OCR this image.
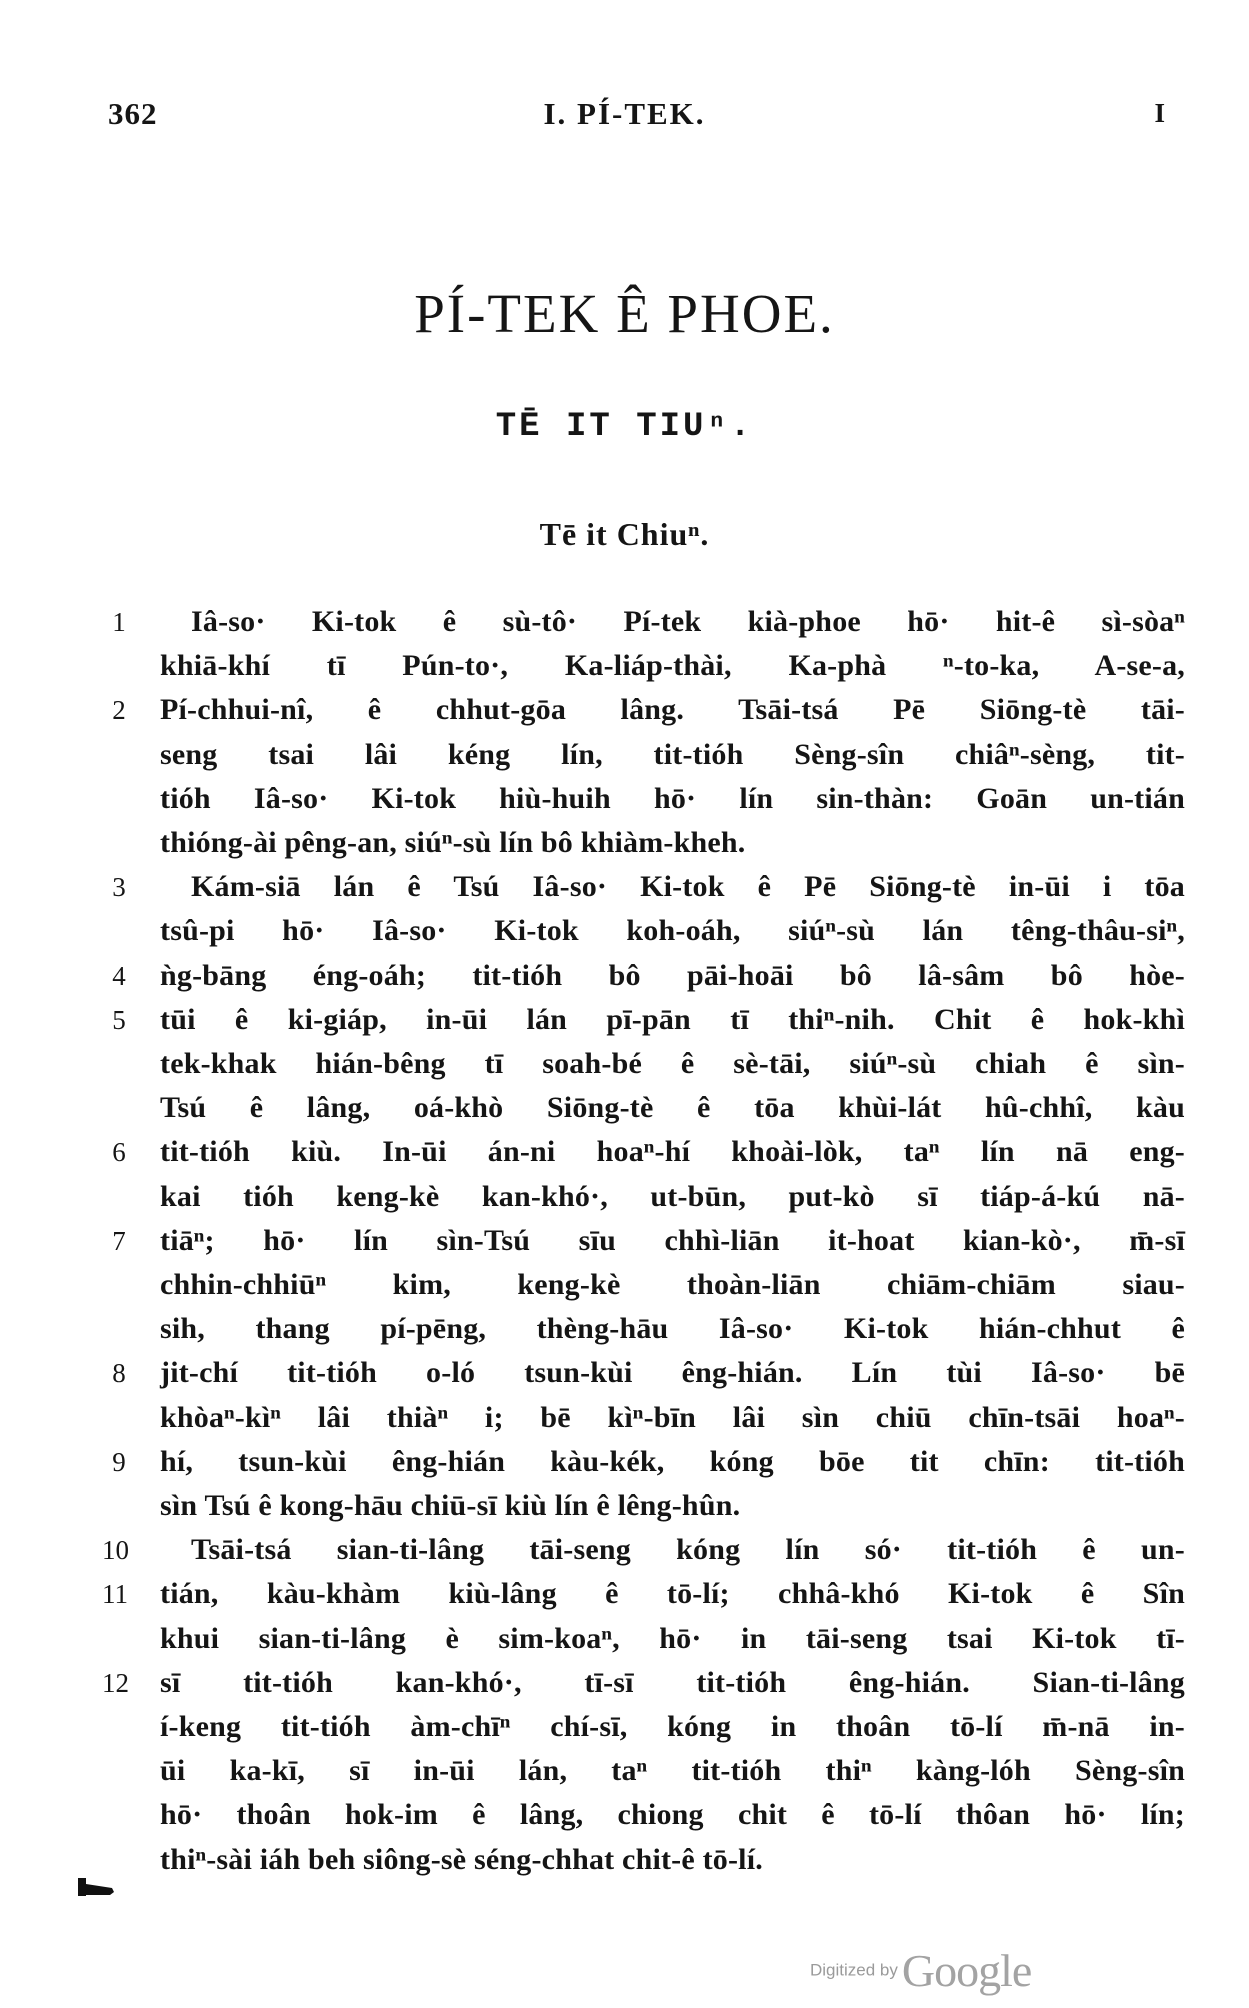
362	I. PÍ-TEK.	I
PÍ-TEK Ê PHOE.
TĒ IT TIUⁿ.
Tē it Chiuⁿ.
1 Iâ-so· Ki-tok ê sù-tô· Pí-tek kià-phoe hō· hit-ê sì-sòaⁿ
khiā-khí tī Pún-to·, Ka-liáp-thài, Ka-phà ⁿ-to-ka, A-se-a,
2 Pí-chhui-nî, ê chhut-gōa lâng. Tsāi-tsá Pē Siōng-tè tāi-
seng tsai lâi kéng lín, tit-tióh Sèng-sîn chiâⁿ-sèng, tit-
tióh Iâ-so· Ki-tok hiù-huih hō· lín sin-thàn: Goān un-tián
thióng-ài pêng-an, siúⁿ-sù lín bô khiàm-kheh.
3 Kám-siā lán ê Tsú Iâ-so· Ki-tok ê Pē Siōng-tè in-ūi i tōa
tsû-pi hō· Iâ-so· Ki-tok koh-oáh, siúⁿ-sù lán têng-thâu-siⁿ,
4 ǹg-bāng éng-oáh; tit-tióh bô pāi-hoāi bô lâ-sâm bô hòe-
5 tūi ê ki-giáp, in-ūi lán pī-pān tī thiⁿ-nih. Chit ê hok-khì
tek-khak hián-bêng tī soah-bé ê sè-tāi, siúⁿ-sù chiah ê sìn-
Tsú ê lâng, oá-khò Siōng-tè ê tōa khùi-lát hû-chhî, kàu
6 tit-tióh kiù. In-ūi án-ni hoaⁿ-hí khoài-lòk, taⁿ lín nā eng-
kai tióh keng-kè kan-khó·, ut-būn, put-kò sī tiáp-á-kú nā-
7 tiāⁿ; hō· lín sìn-Tsú sīu chhì-liān it-hoat kian-kò·, m̄-sī
chhin-chhiūⁿ kim, keng-kè thoàn-liān chiām-chiām siau-
sih, thang pí-pēng, thèng-hāu Iâ-so· Ki-tok hián-chhut ê
8 jit-chí tit-tióh o-ló tsun-kùi êng-hián. Lín tùi Iâ-so· bē
khòaⁿ-kìⁿ lâi thiàⁿ i; bē kìⁿ-bīn lâi sìn chiū chīn-tsāi hoaⁿ-
9 hí, tsun-kùi êng-hián kàu-kék, kóng bōe tit chīn: tit-tióh
sìn Tsú ê kong-hāu chiū-sī kiù lín ê lêng-hûn.
10	Tsāi-tsá sian-ti-lâng tāi-seng kóng lín só· tit-tióh ê un-
11	tián, kàu-khàm kiù-lâng ê tō-lí; chhâ-khó Ki-tok ê Sîn
khui sian-ti-lâng è sim-koaⁿ, hō· in tāi-seng tsai Ki-tok tī-
12	sī tit-tióh kan-khó·, tī-sī tit-tióh êng-hián. Sian-ti-lâng
í-keng tit-tióh àm-chīⁿ chí-sī, kóng in thoân tō-lí m̄-nā in-
ūi ka-kī, sī in-ūi lán, taⁿ tit-tióh thiⁿ kàng-lóh Sèng-sîn
hō· thoân hok-im ê lâng, chiong chit ê tō-lí thôan hō· lín;
thiⁿ-sài iáh beh siông-sè séng-chhat chit-ê tō-lí.
Digitized by Google
